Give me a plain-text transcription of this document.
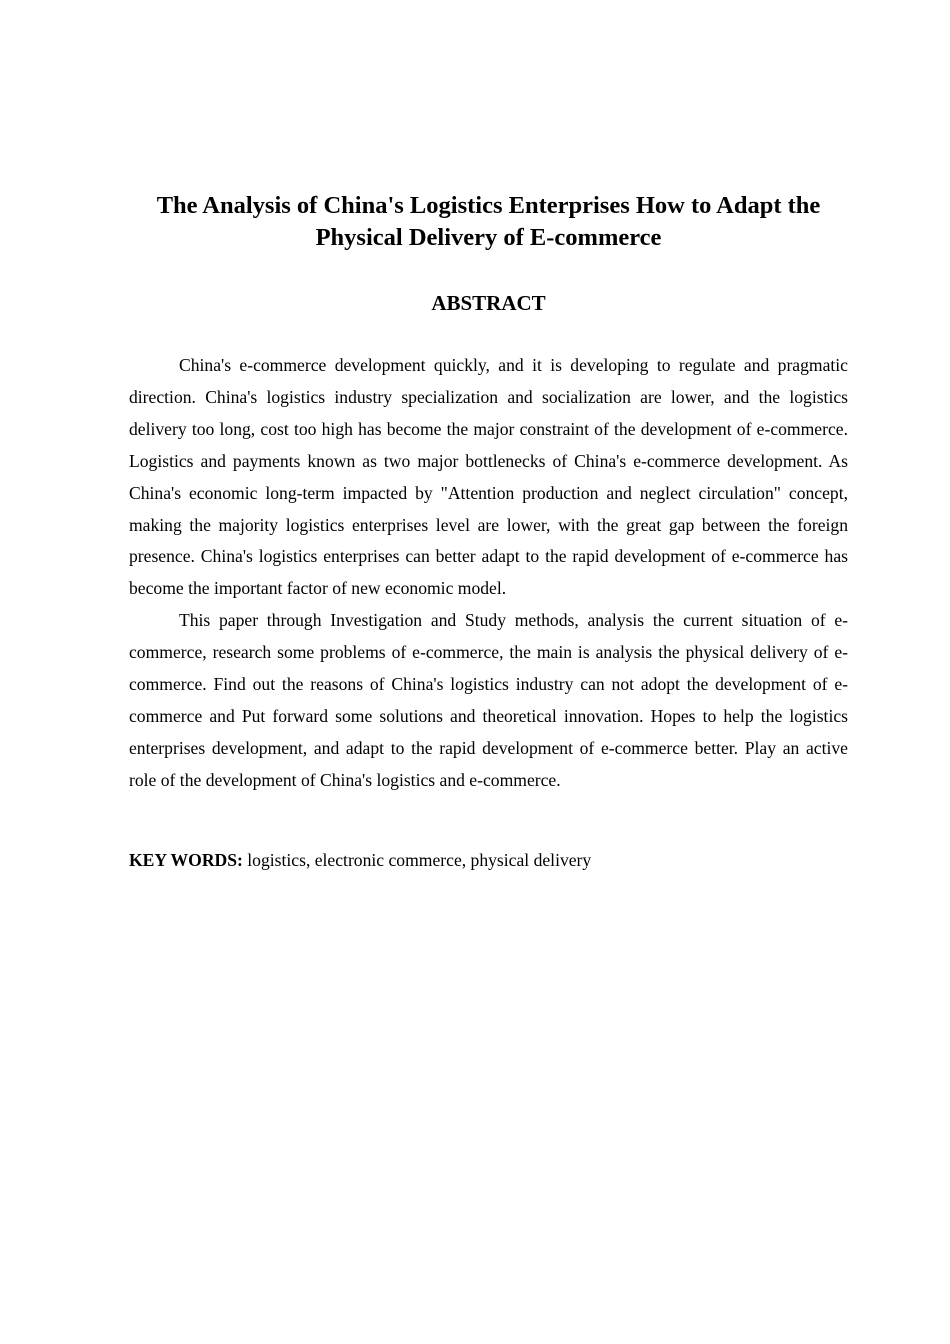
The Analysis of China's Logistics Enterprises How to Adapt the
Physical Delivery of E-commerce
ABSTRACT

China's e-commerce development quickly, and it is developing to regulate and pragmatic direction. China's logistics industry specialization and socialization are lower, and the logistics delivery too long, cost too high has become the major constraint of the development of e-commerce. Logistics and payments known as two major bottlenecks of China's e-commerce development. As China's economic long-term impacted by "Attention production and neglect circulation" concept, making the majority logistics enterprises level are lower, with the great gap between the foreign presence. China's logistics enterprises can better adapt to the rapid development of e-commerce has become the important factor of new economic model.

This paper through Investigation and Study methods, analysis the current situation of e-commerce, research some problems of e-commerce, the main is analysis the physical delivery of e-commerce. Find out the reasons of China's logistics industry can not adopt the development of e-commerce and Put forward some solutions and theoretical innovation. Hopes to help the logistics enterprises development, and adapt to the rapid development of e-commerce better. Play an active role of the development of China's logistics and e-commerce.

KEY WORDS: logistics, electronic commerce, physical delivery
